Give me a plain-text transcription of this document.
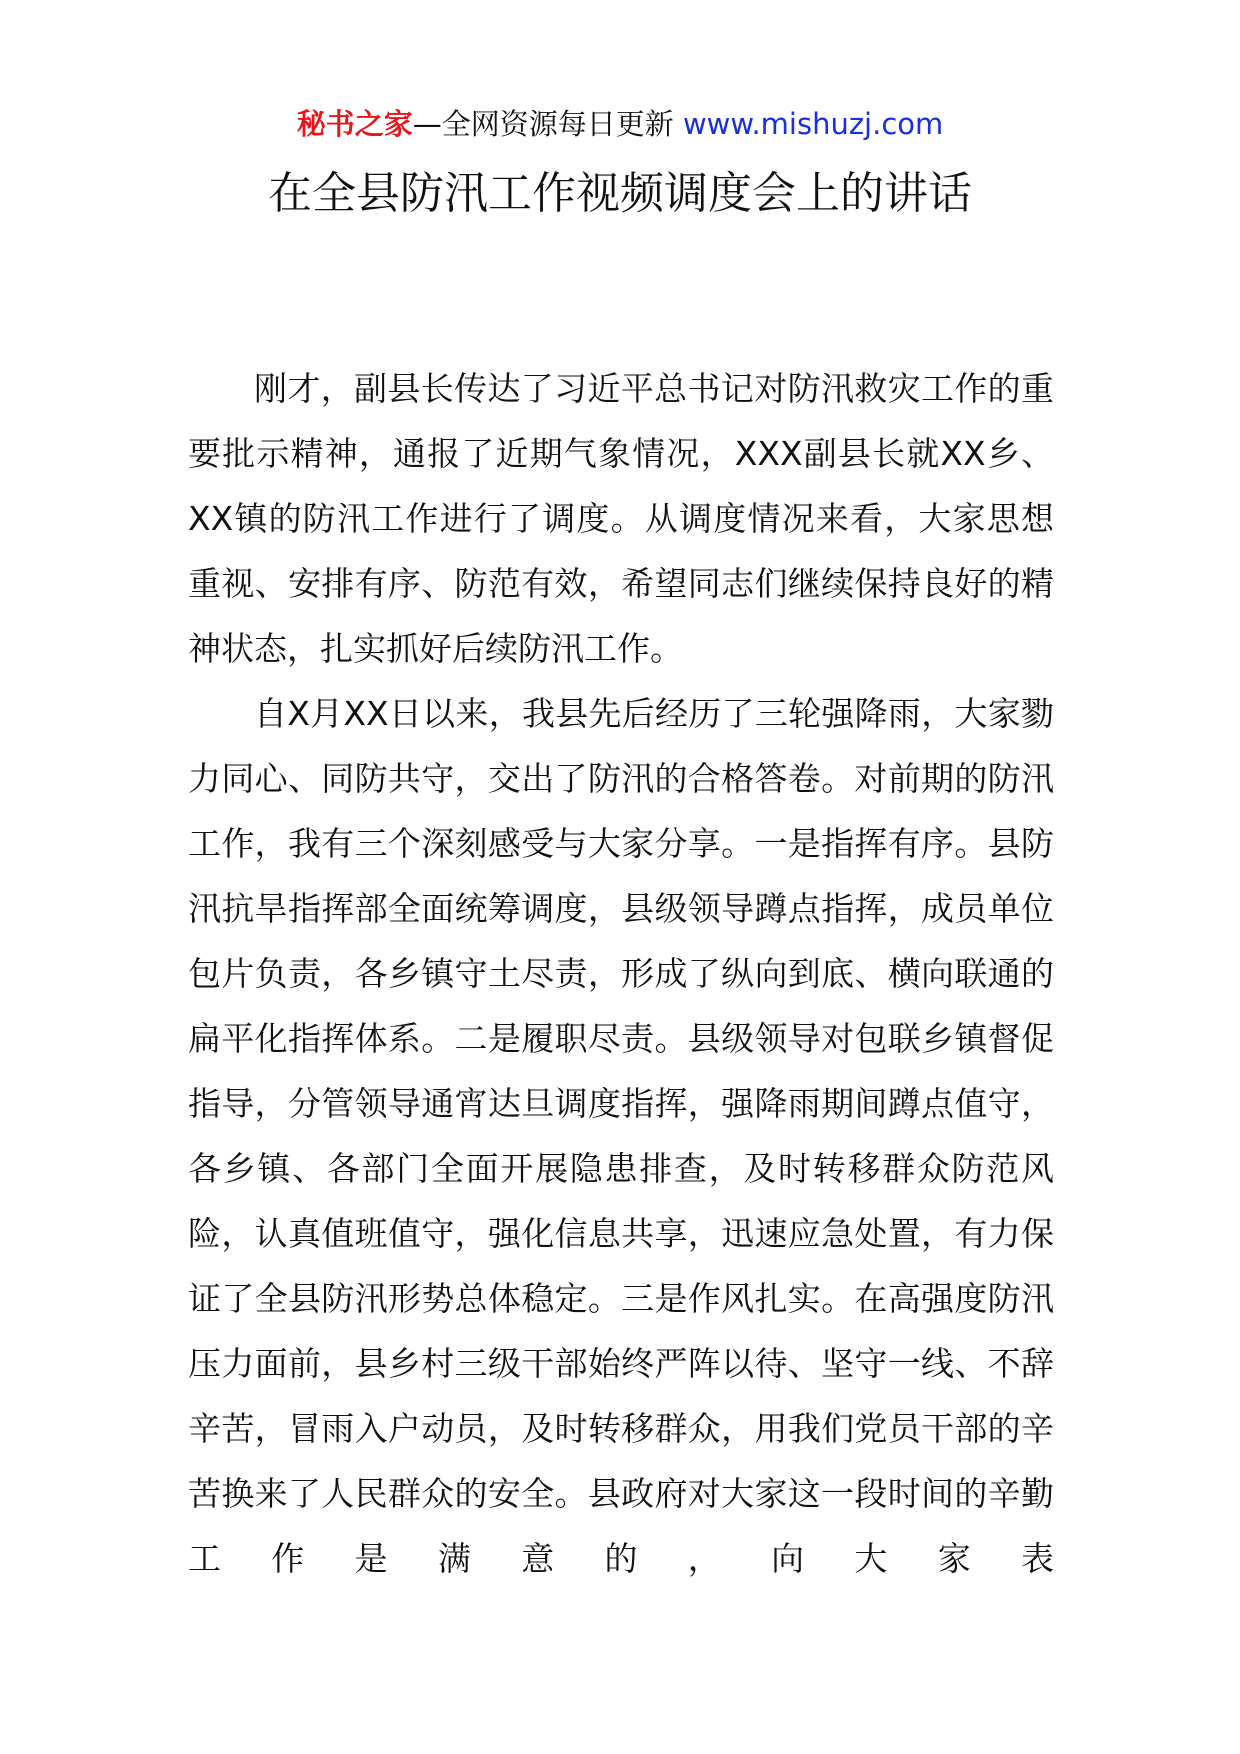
秘书之家—全网资源每日更新 www.mishuzj.com
在全县防汛工作视频调度会上的讲话

刚才，副县长传达了习近平总书记对防汛救灾工作的重要批示精神，通报了近期气象情况，XXX副县长就XX乡、XX镇的防汛工作进行了调度。从调度情况来看，大家思想重视、安排有序、防范有效，希望同志们继续保持良好的精神状态，扎实抓好后续防汛工作。

自X月XX日以来，我县先后经历了三轮强降雨，大家勠力同心、同防共守，交出了防汛的合格答卷。对前期的防汛工作，我有三个深刻感受与大家分享。一是指挥有序。县防汛抗旱指挥部全面统筹调度，县级领导蹲点指挥，成员单位包片负责，各乡镇守土尽责，形成了纵向到底、横向联通的扁平化指挥体系。二是履职尽责。县级领导对包联乡镇督促指导，分管领导通宵达旦调度指挥，强降雨期间蹲点值守，各乡镇、各部门全面开展隐患排查，及时转移群众防范风险，认真值班值守，强化信息共享，迅速应急处置，有力保证了全县防汛形势总体稳定。三是作风扎实。在高强度防汛压力面前，县乡村三级干部始终严阵以待、坚守一线、不辞辛苦，冒雨入户动员，及时转移群众，用我们党员干部的辛苦换来了人民群众的安全。县政府对大家这一段时间的辛勤工作是满意的，向大家表
